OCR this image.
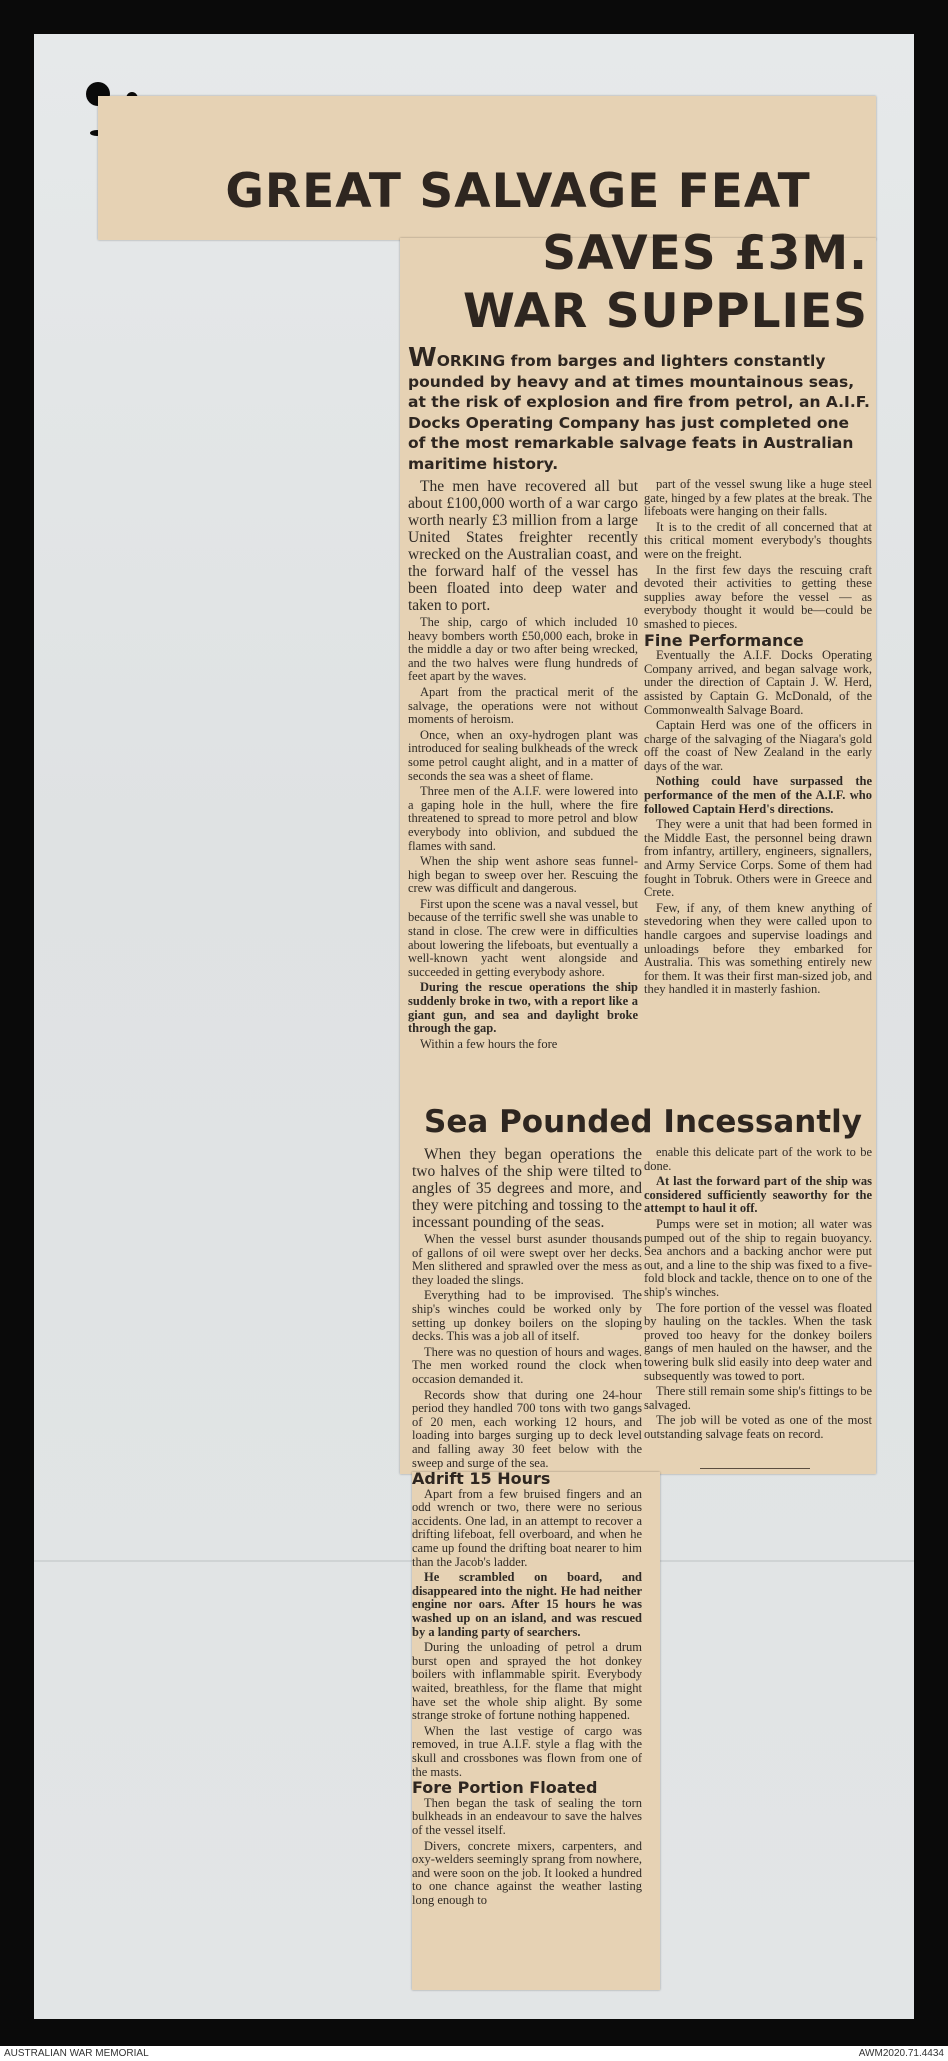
GREAT SALVAGE FEAT
SAVES £3M.
WAR SUPPLIES
WORKING from barges and lighters constantly pounded by heavy and at times mountainous seas, at the risk of explosion and fire from petrol, an A.I.F. Docks Operating Company has just completed one of the most remarkable salvage feats in Australian maritime history.

The men have recovered all but about £100,000 worth of a war cargo worth nearly £3 million from a large United States freighter recently wrecked on the Australian coast, and the forward half of the vessel has been floated into deep water and taken to port.

The ship, cargo of which included 10 heavy bombers worth £50,000 each, broke in the middle a day or two after being wrecked, and the two halves were flung hundreds of feet apart by the waves.

Apart from the practical merit of the salvage, the operations were not without moments of heroism.

Once, when an oxy-hydrogen plant was introduced for sealing bulkheads of the wreck some petrol caught alight, and in a matter of seconds the sea was a sheet of flame.

Three men of the A.I.F. were lowered into a gaping hole in the hull, where the fire threatened to spread to more petrol and blow everybody into oblivion, and subdued the flames with sand.

When the ship went ashore seas funnel-high began to sweep over her. Rescuing the crew was difficult and dangerous.

First upon the scene was a naval vessel, but because of the terrific swell she was unable to stand in close. The crew were in difficulties about lowering the lifeboats, but eventually a well-known yacht went alongside and succeeded in getting everybody ashore.

During the rescue operations the ship suddenly broke in two, with a report like a giant gun, and sea and daylight broke through the gap.

Within a few hours the fore

part of the vessel swung like a huge steel gate, hinged by a few plates at the break. The lifeboats were hanging on their falls.

It is to the credit of all concerned that at this critical moment everybody's thoughts were on the freight.

In the first few days the rescuing craft devoted their activities to getting these supplies away before the vessel — as everybody thought it would be—could be smashed to pieces.

Fine Performance

Eventually the A.I.F. Docks Operating Company arrived, and began salvage work, under the direction of Captain J. W. Herd, assisted by Captain G. McDonald, of the Commonwealth Salvage Board.

Captain Herd was one of the officers in charge of the salvaging of the Niagara's gold off the coast of New Zealand in the early days of the war.

Nothing could have surpassed the performance of the men of the A.I.F. who followed Captain Herd's directions.

They were a unit that had been formed in the Middle East, the personnel being drawn from infantry, artillery, engineers, signallers, and Army Service Corps. Some of them had fought in Tobruk. Others were in Greece and Crete.

Few, if any, of them knew anything of stevedoring when they were called upon to handle cargoes and supervise loadings and unloadings before they embarked for Australia. This was something entirely new for them. It was their first man-sized job, and they handled it in masterly fashion.

Sea Pounded Incessantly

When they began operations the two halves of the ship were tilted to angles of 35 degrees and more, and they were pitching and tossing to the incessant pounding of the seas.

When the vessel burst asunder thousands of gallons of oil were swept over her decks. Men slithered and sprawled over the mess as they loaded the slings.

Everything had to be improvised. The ship's winches could be worked only by setting up donkey boilers on the sloping decks. This was a job all of itself.

There was no question of hours and wages. The men worked round the clock when occasion demanded it.

Records show that during one 24-hour period they handled 700 tons with two gangs of 20 men, each working 12 hours, and loading into barges surging up to deck level and falling away 30 feet below with the sweep and surge of the sea.

Adrift 15 Hours

Apart from a few bruised fingers and an odd wrench or two, there were no serious accidents. One lad, in an attempt to recover a drifting lifeboat, fell overboard, and when he came up found the drifting boat nearer to him than the Jacob's ladder.

He scrambled on board, and disappeared into the night. He had neither engine nor oars. After 15 hours he was washed up on an island, and was rescued by a landing party of searchers.

During the unloading of petrol a drum burst open and sprayed the hot donkey boilers with inflammable spirit. Everybody waited, breathless, for the flame that might have set the whole ship alight. By some strange stroke of fortune nothing happened.

When the last vestige of cargo was removed, in true A.I.F. style a flag with the skull and crossbones was flown from one of the masts.

Fore Portion Floated

Then began the task of sealing the torn bulkheads in an endeavour to save the halves of the vessel itself.

Divers, concrete mixers, carpenters, and oxy-welders seemingly sprang from nowhere, and were soon on the job. It looked a hundred to one chance against the weather lasting long enough to

enable this delicate part of the work to be done.

At last the forward part of the ship was considered sufficiently seaworthy for the attempt to haul it off.

Pumps were set in motion; all water was pumped out of the ship to regain buoyancy. Sea anchors and a backing anchor were put out, and a line to the ship was fixed to a five-fold block and tackle, thence on to one of the ship's winches.

The fore portion of the vessel was floated by hauling on the tackles. When the task proved too heavy for the donkey boilers gangs of men hauled on the hawser, and the towering bulk slid easily into deep water and subsequently was towed to port.

There still remain some ship's fittings to be salvaged.

The job will be voted as one of the most outstanding salvage feats on record.

AUSTRALIAN WAR MEMORIAL	AWM2020.71.4434
